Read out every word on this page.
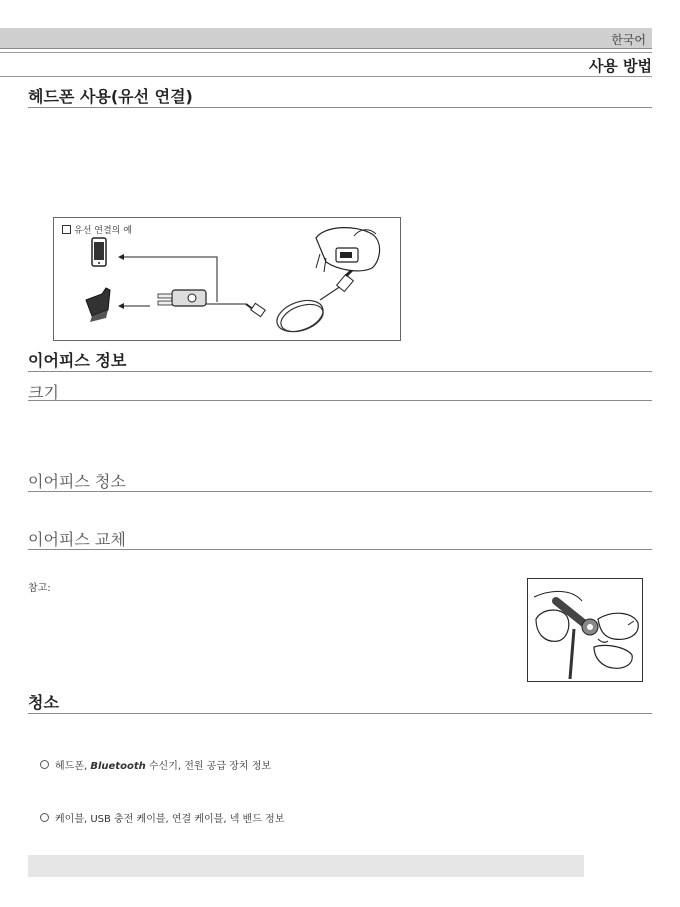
한국어
사용 방법
헤드폰 사용(유선 연결)
유선 연결의 예
이어피스 정보
크기
이어피스 청소
이어피스 교체
참고:
청소
헤드폰, Bluetooth 수신기, 전원 공급 장치 정보
케이블, USB 충전 케이블, 연결 케이블, 넥 밴드 정보
